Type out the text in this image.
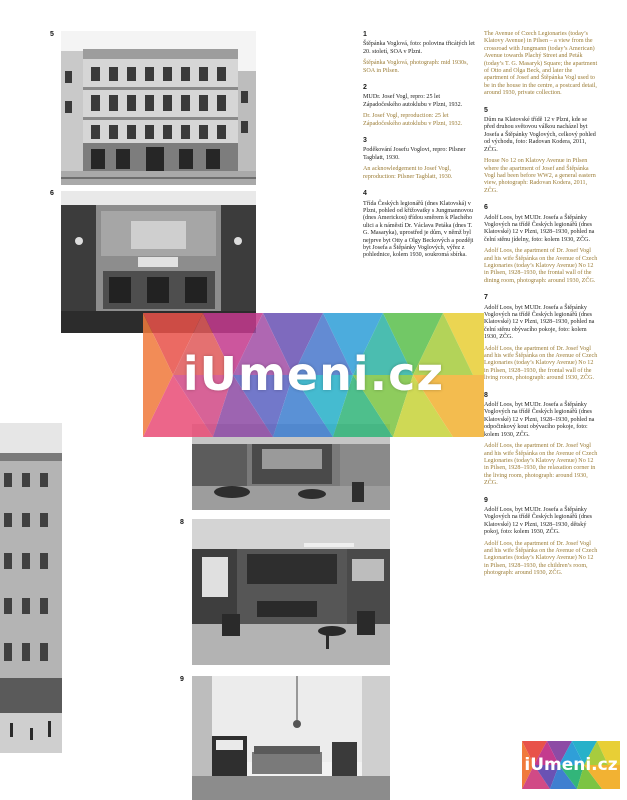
5
6
8
9
1
Štěpánka Voglová, foto: polovina třicátých let 20. století, SOA v Plzni.
Štěpánka Voglová, photograph: mid 1930s, SOA in Pilsen.
2
MUDr. Josef Vogl, repro: 25 let Západočeského autoklubu v Plzni, 1932.
Dr. Josef Vogl, reproduction: 25 let Západočeského autoklubu v Plzni, 1932.
3
Poděkování Josefu Voglovi, repro: Pilsner Tagblatt, 1930.
An acknowledgement to Josef Vogl, reproduction: Pilsner Tagblatt, 1930.
4
Třída Českých legionářů (dnes Klatovská) v Plzni, pohled od křižovatky s Jungmannovou (dnes Americkou) třídou směrem k Plachého ulici a k náměstí Dr. Václava Petáka (dnes T. G. Masaryka), uprostřed je dům, v němž byl nejprve byt Otty a Olgy Beckových a později byt Josefa a Štěpánky Voglových, výřez z pohlednice, kolem 1930, soukromá sbírka.
The Avenue of Czech Legionaries (today’s Klatovy Avenue) in Pilsen – a view from the crossroad with Jungmann (today’s American) Avenue towards Plachý Street and Peták (today’s T. G. Masaryk) Square; the apartment of Otto and Olga Beck, and later the apartment of Josef and Štěpánka Vogl used to be in the house in the centre, a postcard detail, around 1930, private collection.
5
Dům na Klatovské třídě 12 v Plzni, kde se před druhou světovou válkou nacházel byt Josefa a Štěpánky Voglových, celkový pohled od východu, foto: Radovan Kodera, 2011, ZČG.
House No 12 on Klatovy Avenue in Pilsen where the apartment of Josef and Štěpánka Vogl had been before WW2, a general eastern view, photograph: Radovan Kodera, 2011, ZČG.
6
Adolf Loos, byt MUDr. Josefa a Štěpánky Voglových na třídě Českých legionářů (dnes Klatovské) 12 v Plzni, 1928–1930, pohled na čelní stěnu jídelny, foto: kolem 1930, ZČG.
Adolf Loos, the apartment of Dr. Josef Vogl and his wife Štěpánka on the Avenue of Czech Legionaries (today’s Klatovy Avenue) No 12 in Pilsen, 1928–1930, the frontal wall of the dining room, photograph: around 1930, ZČG.
7
Adolf Loos, byt MUDr. Josefa a Štěpánky Voglových na třídě Českých legionářů (dnes Klatovské) 12 v Plzni, 1928–1930, pohled na čelní stěnu obývacího pokoje, foto: kolem 1930, ZČG.
Adolf Loos, the apartment of Dr. Josef Vogl and his wife Štěpánka on the Avenue of Czech Legionaries (today’s Klatovy Avenue) No 12 in Pilsen, 1928–1930, the frontal wall of the living room, photograph: around 1930, ZČG.
8
Adolf Loos, byt MUDr. Josefa a Štěpánky Voglových na třídě Českých legionářů (dnes Klatovské) 12 v Plzni, 1928–1930, pohled na odpočinkový kout obývacího pokoje, foto: kolem 1930, ZČG.
Adolf Loos, the apartment of Dr. Josef Vogl and his wife Štěpánka on the Avenue of Czech Legionaries (today’s Klatovy Avenue) No 12 in Pilsen, 1928–1930, the relaxation corner in the living room, photograph: around 1930, ZČG.
9
Adolf Loos, byt MUDr. Josefa a Štěpánky Voglových na třídě Českých legionářů (dnes Klatovské) 12 v Plzni, 1928–1930, dětský pokoj, foto: kolem 1930, ZČG.
Adolf Loos, the apartment of Dr. Josef Vogl and his wife Štěpánka on the Avenue of Czech Legionaries (today’s Klatovy Avenue) No 12 in Pilsen, 1928–1930, the children’s room, photograph: around 1930, ZČG.
iUmeni.cz
iUmeni.cz
